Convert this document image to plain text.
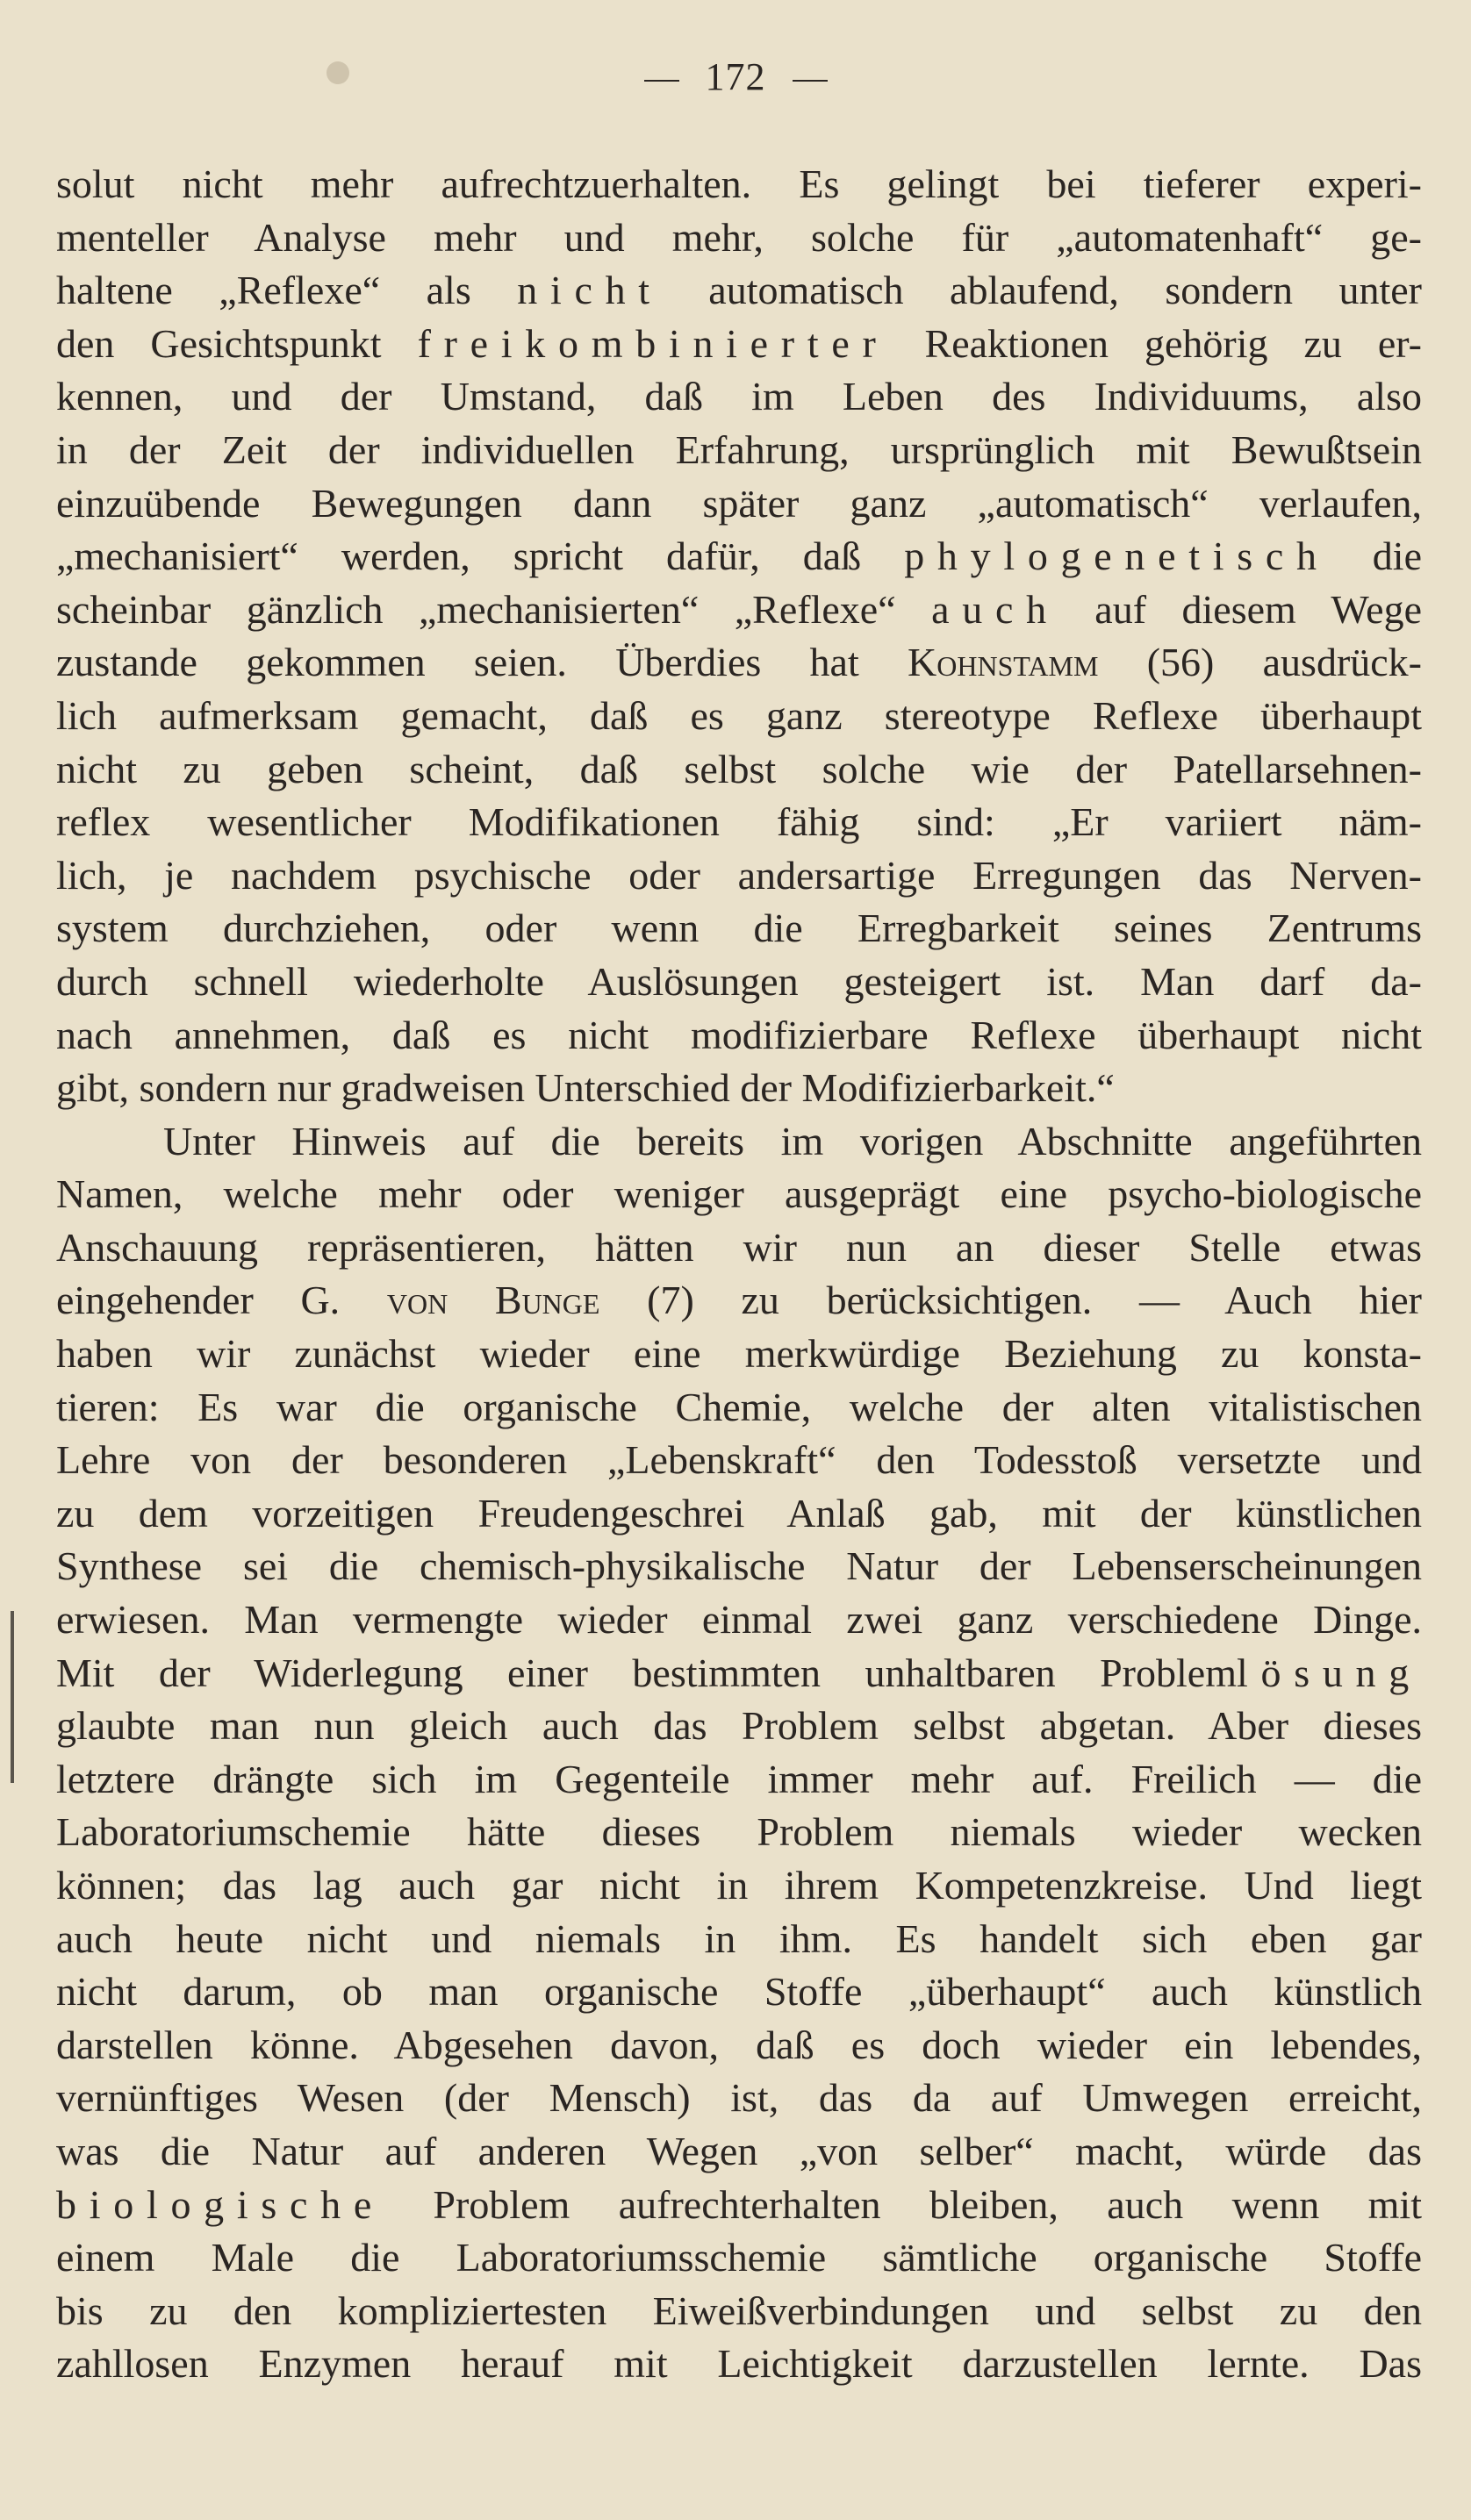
172
solut nicht mehr aufrechtzuerhalten. Es gelingt bei tieferer experi-
menteller Analyse mehr und mehr, solche für „automatenhaft“ ge-
haltene „Reflexe“ als nicht automatisch ablaufend, sondern unter
den Gesichtspunkt freikombinierter Reaktionen gehörig zu er-
kennen, und der Umstand, daß im Leben des Individuums, also
in der Zeit der individuellen Erfahrung, ursprünglich mit Bewußtsein
einzuübende Bewegungen dann später ganz „automatisch“ verlaufen,
„mechanisiert“ werden, spricht dafür, daß phylogenetisch die
scheinbar gänzlich „mechanisierten“ „Reflexe“ auch auf diesem Wege
zustande gekommen seien. Überdies hat Kohnstamm (56) ausdrück-
lich aufmerksam gemacht, daß es ganz stereotype Reflexe überhaupt
nicht zu geben scheint, daß selbst solche wie der Patellarsehnen-
reflex wesentlicher Modifikationen fähig sind: „Er variiert näm-
lich, je nachdem psychische oder andersartige Erregungen das Nerven-
system durchziehen, oder wenn die Erregbarkeit seines Zentrums
durch schnell wiederholte Auslösungen gesteigert ist. Man darf da-
nach annehmen, daß es nicht modifizierbare Reflexe überhaupt nicht
gibt, sondern nur gradweisen Unterschied der Modifizierbarkeit.“
Unter Hinweis auf die bereits im vorigen Abschnitte angeführten
Namen, welche mehr oder weniger ausgeprägt eine psycho-biologische
Anschauung repräsentieren, hätten wir nun an dieser Stelle etwas
eingehender G. von Bunge (7) zu berücksichtigen. — Auch hier
haben wir zunächst wieder eine merkwürdige Beziehung zu konsta-
tieren: Es war die organische Chemie, welche der alten vitalistischen
Lehre von der besonderen „Lebenskraft“ den Todesstoß versetzte und
zu dem vorzeitigen Freudengeschrei Anlaß gab, mit der künstlichen
Synthese sei die chemisch-physikalische Natur der Lebenserscheinungen
erwiesen. Man vermengte wieder einmal zwei ganz verschiedene Dinge.
Mit der Widerlegung einer bestimmten unhaltbaren Problemlösung
glaubte man nun gleich auch das Problem selbst abgetan. Aber dieses
letztere drängte sich im Gegenteile immer mehr auf. Freilich — die
Laboratoriumschemie hätte dieses Problem niemals wieder wecken
können; das lag auch gar nicht in ihrem Kompetenzkreise. Und liegt
auch heute nicht und niemals in ihm. Es handelt sich eben gar
nicht darum, ob man organische Stoffe „überhaupt“ auch künstlich
darstellen könne. Abgesehen davon, daß es doch wieder ein lebendes,
vernünftiges Wesen (der Mensch) ist, das da auf Umwegen erreicht,
was die Natur auf anderen Wegen „von selber“ macht, würde das
biologische Problem aufrechterhalten bleiben, auch wenn mit
einem Male die Laboratoriumsschemie sämtliche organische Stoffe
bis zu den kompliziertesten Eiweißverbindungen und selbst zu den
zahllosen Enzymen herauf mit Leichtigkeit darzustellen lernte. Das
